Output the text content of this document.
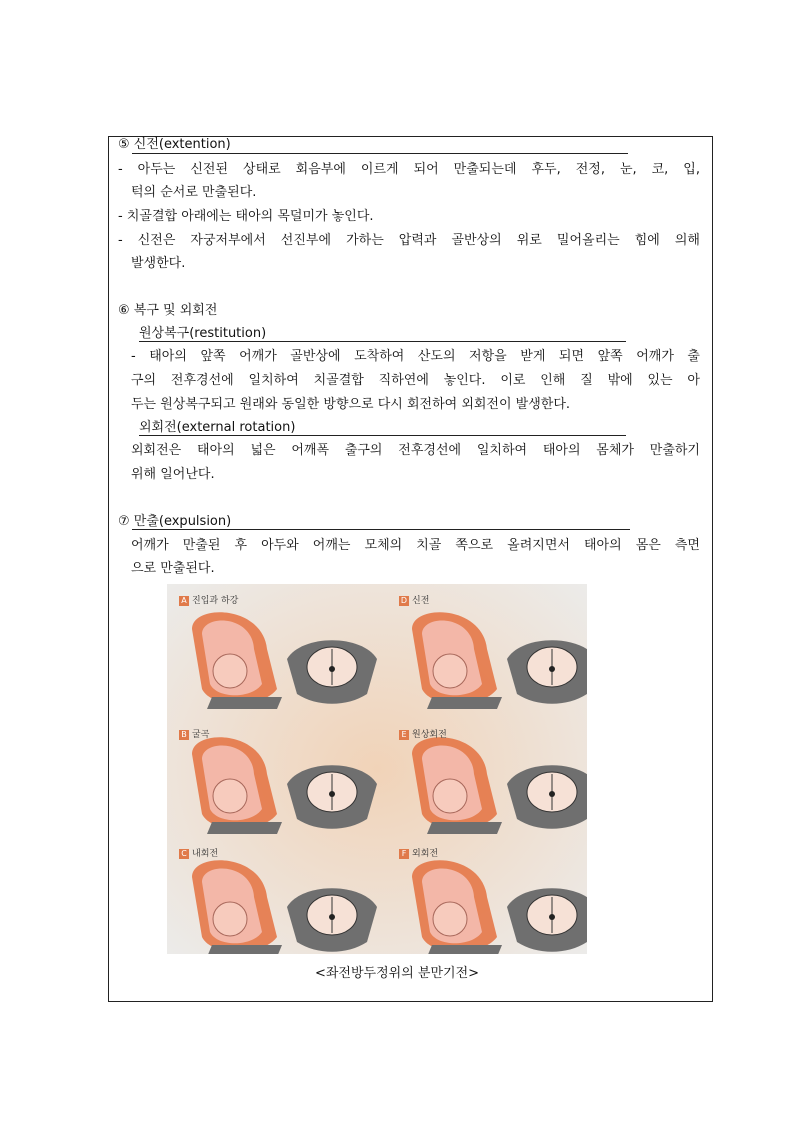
⑤ 신전(extention)
- 아두는 신전된 상태로 회음부에 이르게 되어 만출되는데 후두, 전정, 눈, 코, 입,
턱의 순서로 만출된다.
- 치골결합 아래에는 태아의 목덜미가 놓인다.
- 신전은 자궁저부에서 선진부에 가하는 압력과 골반상의 위로 밀어올리는 힘에 의해
발생한다.
⑥ 복구 및 외회전
원상복구(restitution)
- 태아의 앞쪽 어깨가 골반상에 도착하여 산도의 저항을 받게 되면 앞쪽 어깨가 출
구의 전후경선에 일치하여 치골결합 직하연에 놓인다. 이로 인해 질 밖에 있는 아
두는 원상복구되고 원래와 동일한 방향으로 다시 회전하여 외회전이 발생한다.
외회전(external rotation)
외회전은 태아의 넓은 어깨폭 출구의 전후경선에 일치하여 태아의 몸체가 만출하기
위해 일어난다.
⑦ 만출(expulsion)
어깨가 만출된 후 아두와 어깨는 모체의 치골 쪽으로 올려지면서 태아의 몸은 측면
으로 만출된다.
A 진입과 하강	D 신전
B 굴곡	E 원상회전
C 내회전	F 외회전
<좌전방두정위의 분만기전>
